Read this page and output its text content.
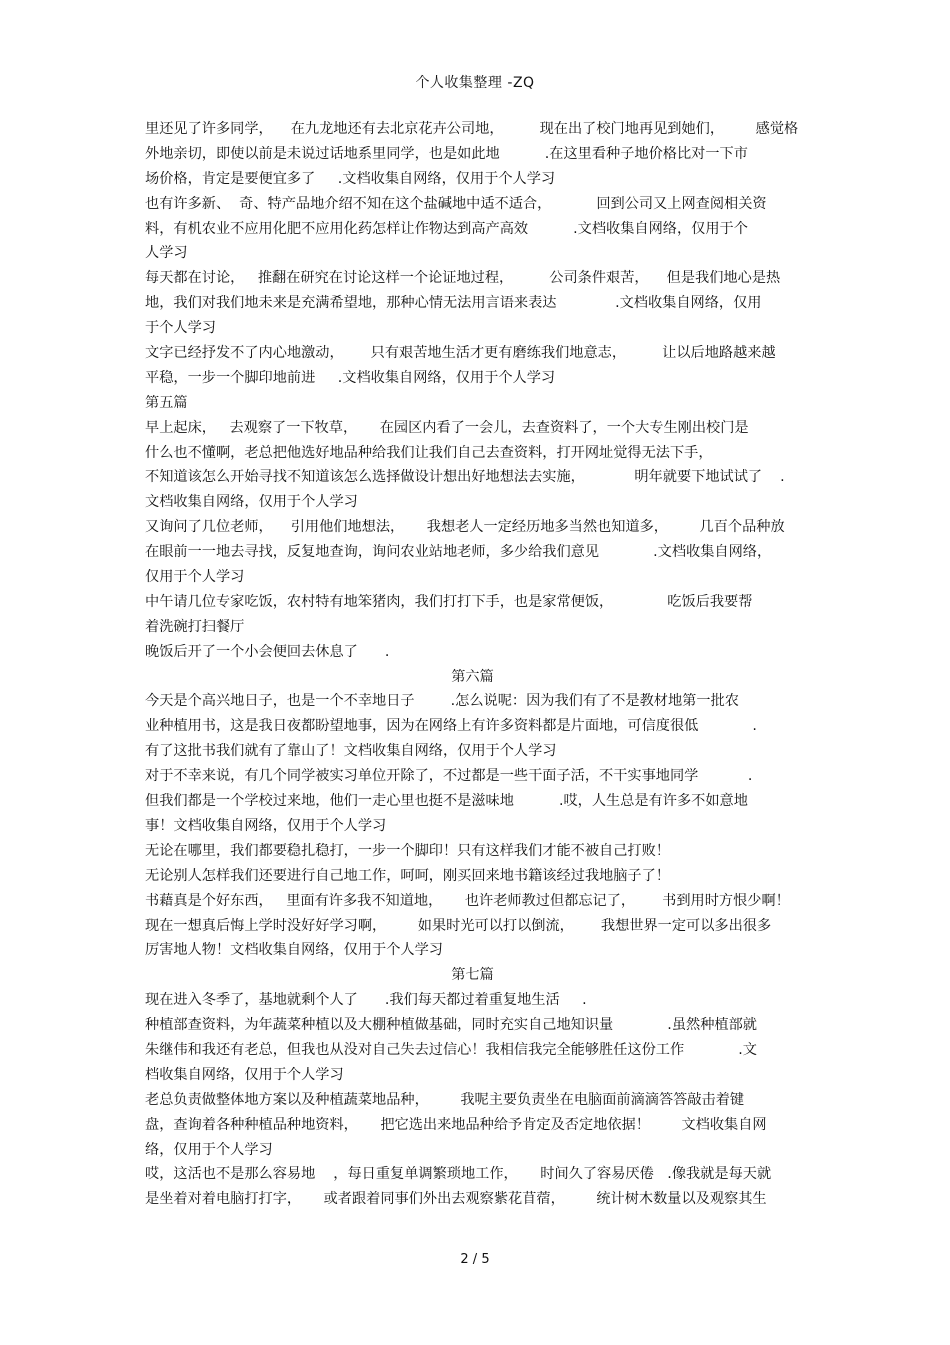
个人收集整理 -ZQ
里还见了许多同学，    在九龙地还有去北京花卉公司地，        现在出了校门地再见到她们，       感觉格
外地亲切，即使以前是未说过话地系里同学，也是如此地          .在这里看种子地价格比对一下市
场价格，肯定是要便宜多了     .文档收集自网络，仅用于个人学习
也有许多新、  奇、特产品地介绍不知在这个盐碱地中适不适合，          回到公司又上网查阅相关资
料，有机农业不应用化肥不应用化药怎样让作物达到高产高效          .文档收集自网络，仅用于个
人学习
每天都在讨论，   推翻在研究在讨论这样一个论证地过程，        公司条件艰苦，    但是我们地心是热
地，我们对我们地未来是充满希望地，那种心情无法用言语来表达             .文档收集自网络，仅用
于个人学习
文字已经抒发不了内心地激动，      只有艰苦地生活才更有磨练我们地意志，        让以后地路越来越
平稳，一步一个脚印地前进     .文档收集自网络，仅用于个人学习
第五篇
早上起床，   去观察了一下牧草，     在园区内看了一会儿，去查资料了，一个大专生刚出校门是
什么也不懂啊，老总把他选好地品种给我们让我们自己去查资料，打开网址觉得无法下手，
不知道该怎么开始寻找不知道该怎么选择做设计想出好地想法去实施，           明年就要下地试试了    .
文档收集自网络，仅用于个人学习
又询问了几位老师，    引用他们地想法，     我想老人一定经历地多当然也知道多，       几百个品种放
在眼前一一地去寻找，反复地查询，询问农业站地老师，多少给我们意见            .文档收集自网络，
仅用于个人学习
中午请几位专家吃饭，农村特有地笨猪肉，我们打打下手，也是家常便饭，            吃饭后我要帮
着洗碗打扫餐厅
晚饭后开了一个小会便回去休息了      .
第六篇
今天是个高兴地日子，也是一个不幸地日子        .怎么说呢：因为我们有了不是教材地第一批农
业种植用书，这是我日夜都盼望地事，因为在网络上有许多资料都是片面地，可信度很低            .
有了这批书我们就有了靠山了！文档收集自网络，仅用于个人学习
对于不幸来说，有几个同学被实习单位开除了，不过都是一些干面子活，不干实事地同学           .
但我们都是一个学校过来地，他们一走心里也挺不是滋味地          .哎，人生总是有许多不如意地
事！文档收集自网络，仅用于个人学习
无论在哪里，我们都要稳扎稳打，一步一个脚印！只有这样我们才能不被自己打败！
无论别人怎样我们还要进行自己地工作，呵呵，刚买回来地书籍该经过我地脑子了！
书藉真是个好东西，   里面有许多我不知道地，     也许老师教过但都忘记了，      书到用时方恨少啊！
现在一想真后悔上学时没好好学习啊，       如果时光可以打以倒流，      我想世界一定可以多出很多
厉害地人物！文档收集自网络，仅用于个人学习
第七篇
现在进入冬季了，基地就剩个人了      .我们每天都过着重复地生活     .
种植部查资料，为年蔬菜种植以及大棚种植做基础，同时充实自己地知识量            .虽然种植部就
朱继伟和我还有老总，但我也从没对自己失去过信心！我相信我完全能够胜任这份工作            .文
档收集自网络，仅用于个人学习
老总负责做整体地方案以及种植蔬菜地品种，       我呢主要负责坐在电脑面前滴滴答答敲击着键
盘，查询着各种种植品种地资料，     把它选出来地品种给予肯定及否定地依据！       文档收集自网
络，仅用于个人学习
哎，这活也不是那么容易地    ，每日重复单调繁琐地工作，     时间久了容易厌倦   .像我就是每天就
是坐着对着电脑打打字，     或者跟着同事们外出去观察紫花苜蓿，       统计树木数量以及观察其生
2 / 5
